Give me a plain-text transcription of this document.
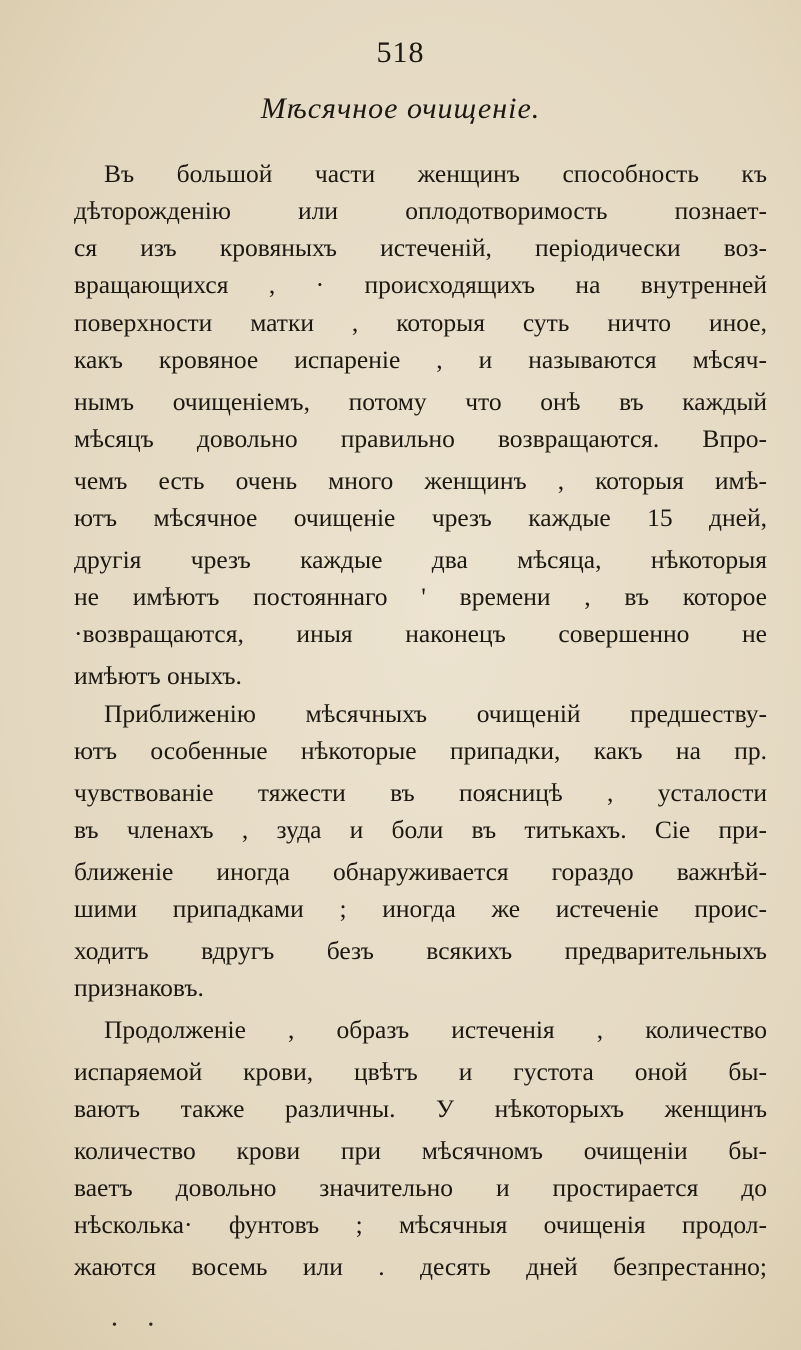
518
Мѣсячное очищеніе.
Въ большой части женщинъ способность къ
дѣторожденію или оплодотворимость познает-
ся изъ кровяныхъ истеченій, періодически воз-
вращающихся , · происходящихъ на внутренней
поверхности матки , которыя суть ничто иное,
какъ кровяное испареніе , и называются мѣсяч-
нымъ очищеніемъ, потому что онѣ въ каждый
мѣсяцъ довольно правильно возвращаются. Впро-
чемъ есть очень много женщинъ , которыя имѣ-
ютъ мѣсячное очищеніе чрезъ каждые 15 дней,
другія чрезъ каждые два мѣсяца, нѣкоторыя
не имѣютъ постояннаго ' времени , въ которое
·возвращаются, иныя наконецъ совершенно не
имѣютъ оныхъ.
Приближенію мѣсячныхъ очищеній предшеству-
ютъ особенные нѣкоторые припадки, какъ на пр.
чувствованіе тяжести въ поясницѣ , усталости
въ членахъ , зуда и боли въ титькахъ. Сіе при-
ближеніе иногда обнаруживается гораздо важнѣй-
шими припадками ; иногда же истеченіе проис-
ходитъ вдругъ безъ всякихъ предварительныхъ
признаковъ.
Продолженіе , образъ истеченія , количество
испаряемой крови, цвѣтъ и густота оной бы-
ваютъ также различны. У нѣкоторыхъ женщинъ
количество крови при мѣсячномъ очищеніи бы-
ваетъ довольно значительно и простирается до
нѣсколька· фунтовъ ; мѣсячныя очищенія продол-
жаются восемь или . десять дней безпрестанно;
• •
